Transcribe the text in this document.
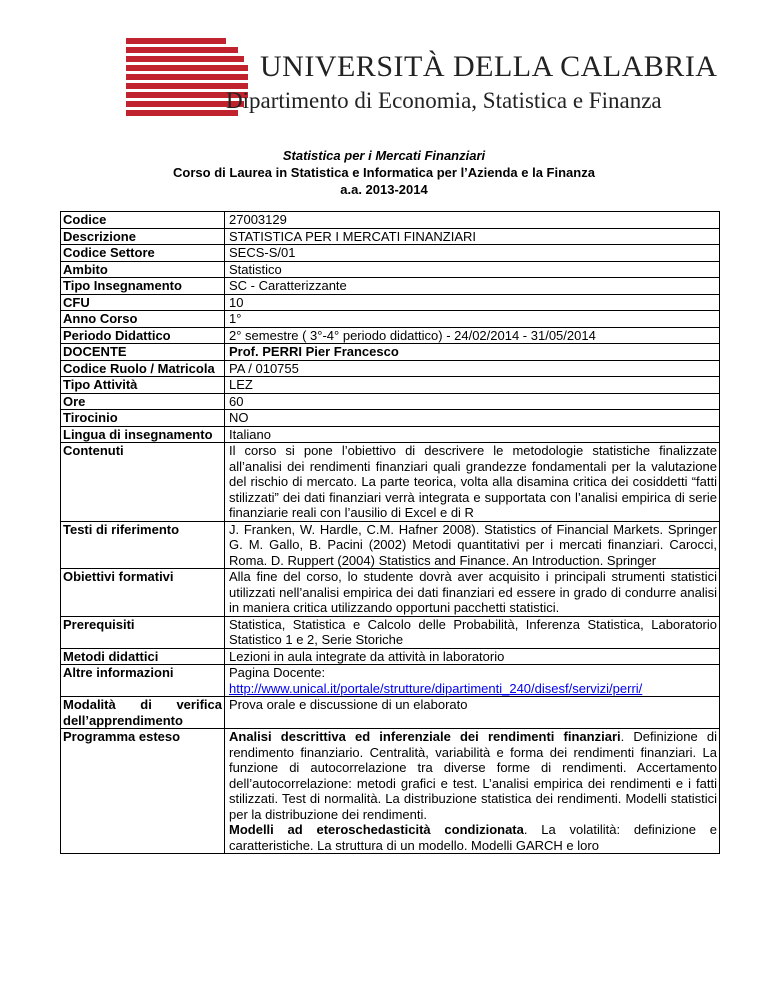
UNIVERSITÀ DELLA CALABRIA
Dipartimento di Economia, Statistica e Finanza
Statistica per i Mercati Finanziari
Corso di Laurea in Statistica e Informatica per l’Azienda e la Finanza
a.a. 2013-2014
Codice	27003129
Descrizione	STATISTICA PER I MERCATI FINANZIARI
Codice Settore	SECS-S/01
Ambito	Statistico
Tipo Insegnamento	SC - Caratterizzante
CFU	10
Anno Corso	1°
Periodo Didattico	2° semestre ( 3°-4° periodo didattico) - 24/02/2014 - 31/05/2014
DOCENTE	Prof. PERRI Pier Francesco
Codice Ruolo / Matricola	PA / 010755
Tipo Attività	LEZ
Ore	60
Tirocinio	NO
Lingua di insegnamento	Italiano
Contenuti	Il corso si pone l’obiettivo di descrivere le metodologie statistiche finalizzate all’analisi dei rendimenti finanziari quali grandezze fondamentali per la valutazione del rischio di mercato. La parte teorica, volta alla disamina critica dei cosiddetti “fatti stilizzati” dei dati finanziari verrà integrata e supportata con l’analisi empirica di serie finanziarie reali con l’ausilio di Excel e di R
Testi di riferimento	J. Franken, W. Hardle, C.M. Hafner 2008). Statistics of Financial Markets. Springer G. M. Gallo, B. Pacini (2002) Metodi quantitativi per i mercati finanziari. Carocci, Roma. D. Ruppert (2004) Statistics and Finance. An Introduction. Springer
Obiettivi formativi	Alla fine del corso, lo studente dovrà aver acquisito i principali strumenti statistici utilizzati nell’analisi empirica dei dati finanziari ed essere in grado di condurre analisi in maniera critica utilizzando opportuni pacchetti statistici.
Prerequisiti	Statistica, Statistica e Calcolo delle Probabilità, Inferenza Statistica, Laboratorio Statistico 1 e 2, Serie Storiche
Metodi didattici	Lezioni in aula integrate da attività in laboratorio
Altre informazioni	Pagina Docente:
http://www.unical.it/portale/strutture/dipartimenti_240/disesf/servizi/perri/
Modalità di verifica dell’apprendimento	Prova orale e discussione di un elaborato
Programma esteso	Analisi descrittiva ed inferenziale dei rendimenti finanziari. Definizione di rendimento finanziario. Centralità, variabilità e forma dei rendimenti finanziari. La funzione di autocorrelazione tra diverse forme di rendimenti. Accertamento dell’autocorrelazione: metodi grafici e test. L’analisi empirica dei rendimenti e i fatti stilizzati. Test di normalità. La distribuzione statistica dei rendimenti. Modelli statistici per la distribuzione dei rendimenti.
Modelli ad eteroschedasticità condizionata. La volatilità: definizione e caratteristiche. La struttura di un modello. Modelli GARCH e loro
